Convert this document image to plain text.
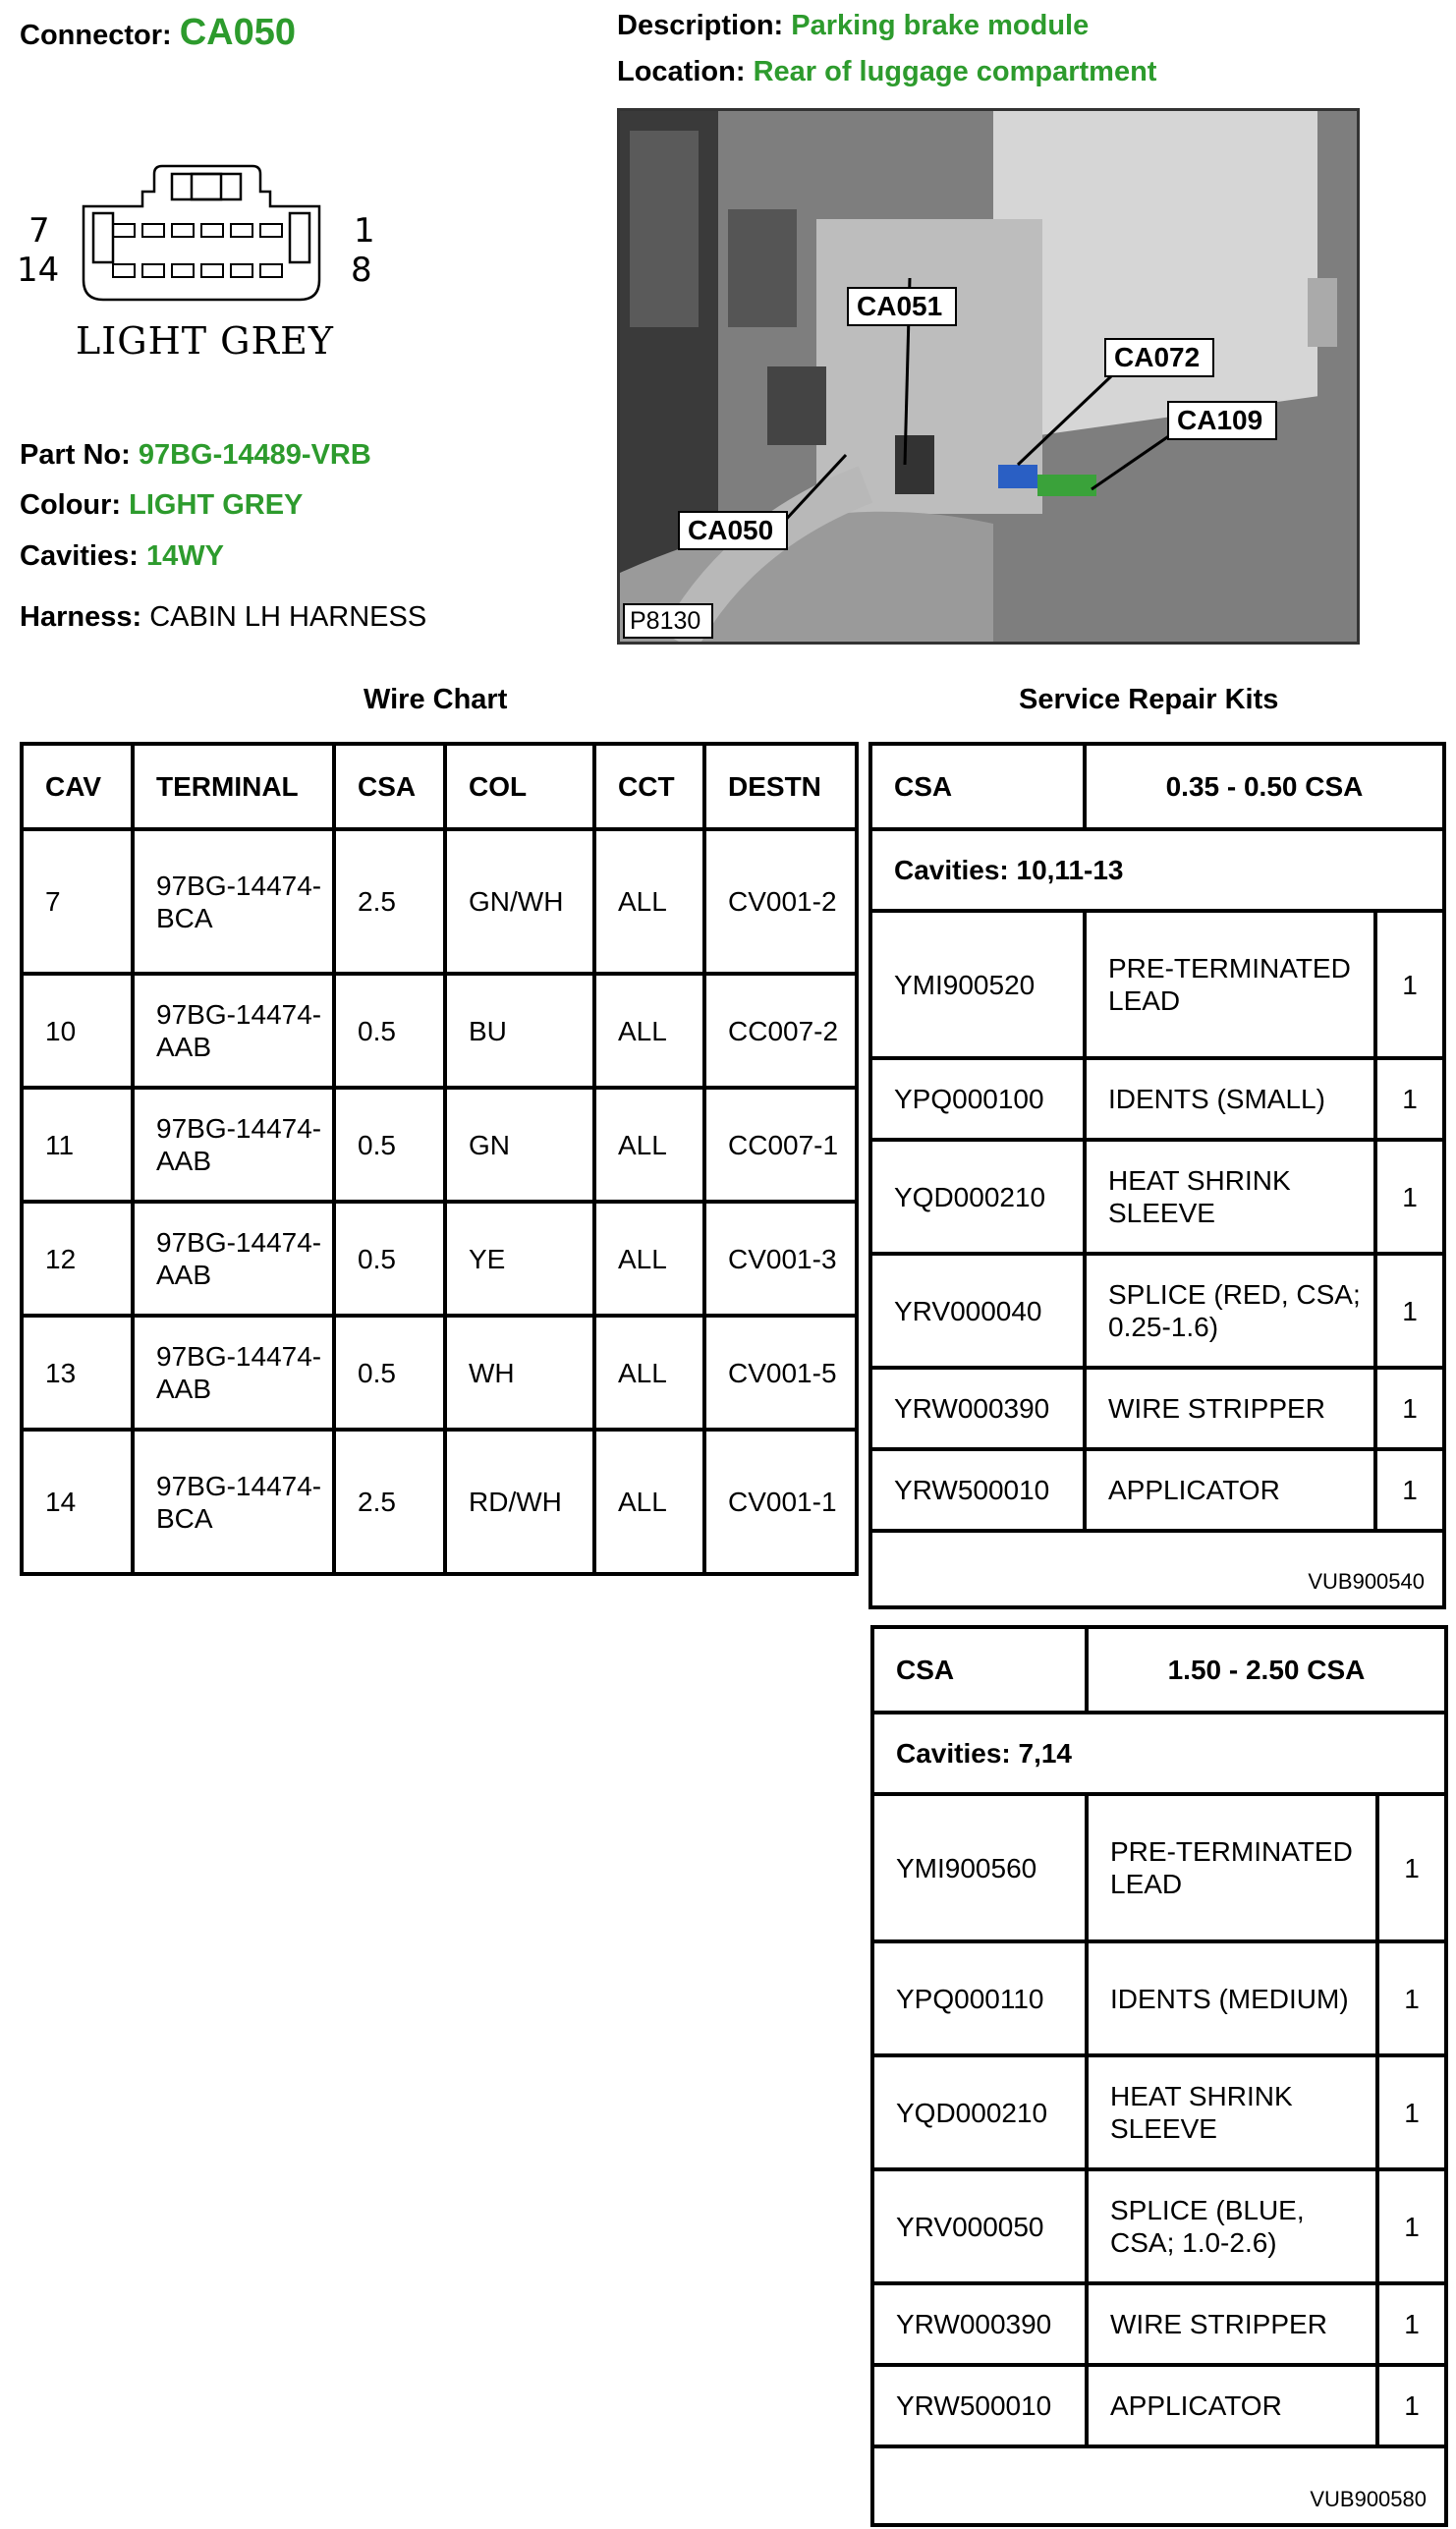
Connector: CA050	Description: Parking brake module
Location: Rear of luggage compartment
7
14
1
8
LIGHT GREY
Part No: 97BG-14489-VRB
Colour: LIGHT GREY
Cavities: 14WY
Harness: CABIN LH HARNESS
CA051
CA072
CA109
CA050
P8130
Wire Chart	Service Repair Kits
CAV	TERMINAL	CSA	COL	CCT	DESTN
7	97BG-14474-BCA	2.5	GN/WH	ALL	CV001-2
10	97BG-14474-AAB	0.5	BU	ALL	CC007-2
11	97BG-14474-AAB	0.5	GN	ALL	CC007-1
12	97BG-14474-AAB	0.5	YE	ALL	CV001-3
13	97BG-14474-AAB	0.5	WH	ALL	CV001-5
14	97BG-14474-BCA	2.5	RD/WH	ALL	CV001-1
CSA	0.35 - 0.50 CSA	
Cavities: 10,11-13		
YMI900520	PRE-TERMINATED LEAD	1
YPQ000100	IDENTS (SMALL)	1
YQD000210	HEAT SHRINK SLEEVE	1
YRV000040	SPLICE (RED, CSA; 0.25-1.6)	1
YRW000390	WIRE STRIPPER	1
YRW500010	APPLICATOR	1
VUB900540		
CSA	1.50 - 2.50 CSA	
Cavities: 7,14		
YMI900560	PRE-TERMINATED LEAD	1
YPQ000110	IDENTS (MEDIUM)	1
YQD000210	HEAT SHRINK SLEEVE	1
YRV000050	SPLICE (BLUE, CSA; 1.0-2.6)	1
YRW000390	WIRE STRIPPER	1
YRW500010	APPLICATOR	1
VUB900580		
